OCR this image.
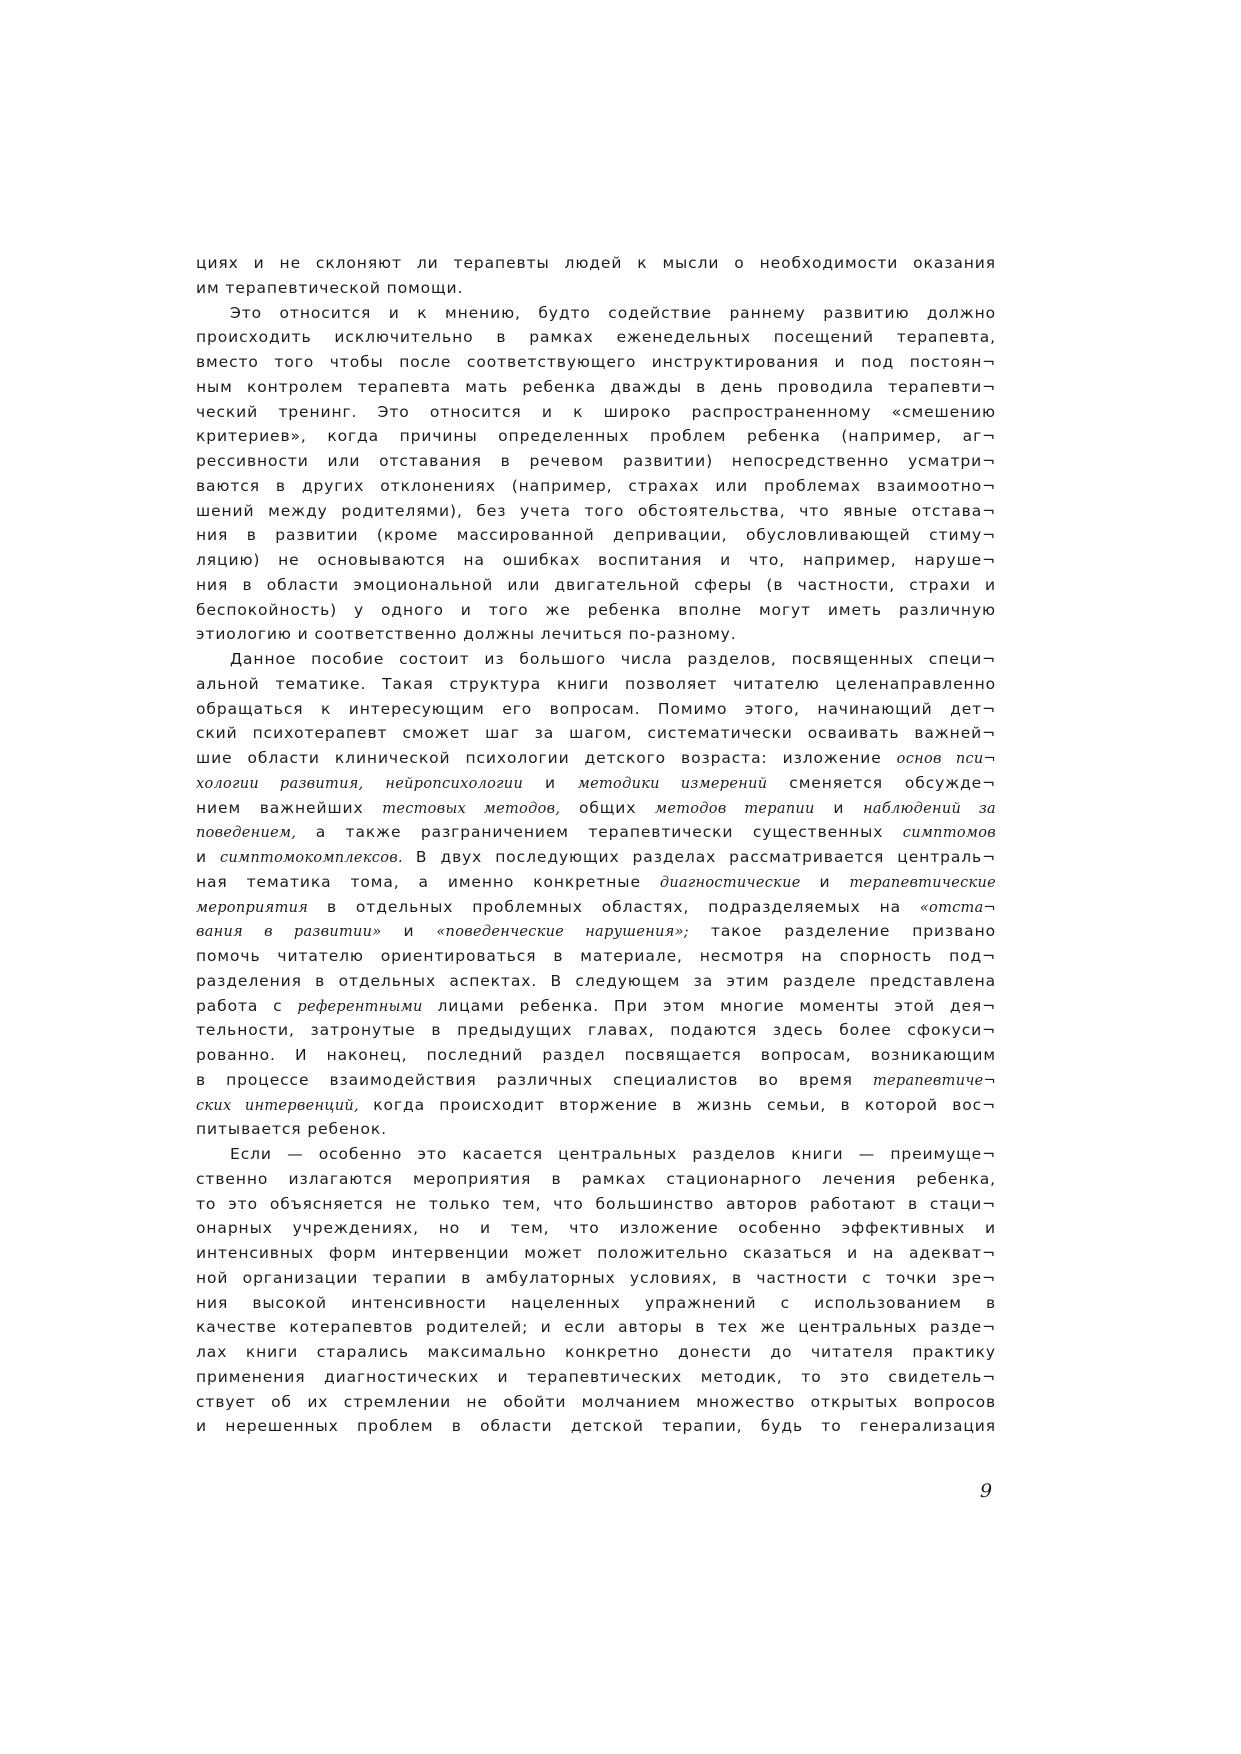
циях и не склоняют ли терапевты людей к мысли о необходимости оказания
им терапевтической помощи.
Это относится и к мнению, будто содействие раннему развитию должно
происходить исключительно в рамках еженедельных посещений терапевта,
вместо того чтобы после соответствующего инструктирования и под постоян¬
ным контролем терапевта мать ребенка дважды в день проводила терапевти¬
ческий тренинг. Это относится и к широко распространенному «смешению
критериев», когда причины определенных проблем ребенка (например, аг¬
рессивности или отставания в речевом развитии) непосредственно усматри¬
ваются в других отклонениях (например, страхах или проблемах взаимоотно¬
шений между родителями), без учета того обстоятельства, что явные отстава¬
ния в развитии (кроме массированной депривации, обусловливающей стиму¬
ляцию) не основываются на ошибках воспитания и что, например, наруше¬
ния в области эмоциональной или двигательной сферы (в частности, страхи и
беспокойность) у одного и того же ребенка вполне могут иметь различную
этиологию и соответственно должны лечиться по-разному.
Данное пособие состоит из большого числа разделов, посвященных специ¬
альной тематике. Такая структура книги позволяет читателю целенаправленно
обращаться к интересующим его вопросам. Помимо этого, начинающий дет¬
ский психотерапевт сможет шаг за шагом, систематически осваивать важней¬
шие области клинической психологии детского возраста: изложение основ пси¬
хологии развития, нейропсихологии и методики измерений сменяется обсужде¬
нием важнейших тестовых методов, общих методов терапии и наблюдений за
поведением, а также разграничением терапевтически существенных симптомов
и симптомокомплексов. В двух последующих разделах рассматривается централь¬
ная тематика тома, а именно конкретные диагностические и терапевтические
мероприятия в отдельных проблемных областях, подразделяемых на «отста¬
вания в развитии» и «поведенческие нарушения»; такое разделение призвано
помочь читателю ориентироваться в материале, несмотря на спорность под¬
разделения в отдельных аспектах. В следующем за этим разделе представлена
работа с референтными лицами ребенка. При этом многие моменты этой дея¬
тельности, затронутые в предыдущих главах, подаются здесь более сфокуси¬
рованно. И наконец, последний раздел посвящается вопросам, возникающим
в процессе взаимодействия различных специалистов во время терапевтиче¬
ских интервенций, когда происходит вторжение в жизнь семьи, в которой вос¬
питывается ребенок.
Если — особенно это касается центральных разделов книги — преимуще¬
ственно излагаются мероприятия в рамках стационарного лечения ребенка,
то это объясняется не только тем, что большинство авторов работают в стаци¬
онарных учреждениях, но и тем, что изложение особенно эффективных и
интенсивных форм интервенции может положительно сказаться и на адекват¬
ной организации терапии в амбулаторных условиях, в частности с точки зре¬
ния высокой интенсивности нацеленных упражнений с использованием в
качестве котерапевтов родителей; и если авторы в тех же центральных разде¬
лах книги старались максимально конкретно донести до читателя практику
применения диагностических и терапевтических методик, то это свидетель¬
ствует об их стремлении не обойти молчанием множество открытых вопросов
и нерешенных проблем в области детской терапии, будь то генерализация
9
